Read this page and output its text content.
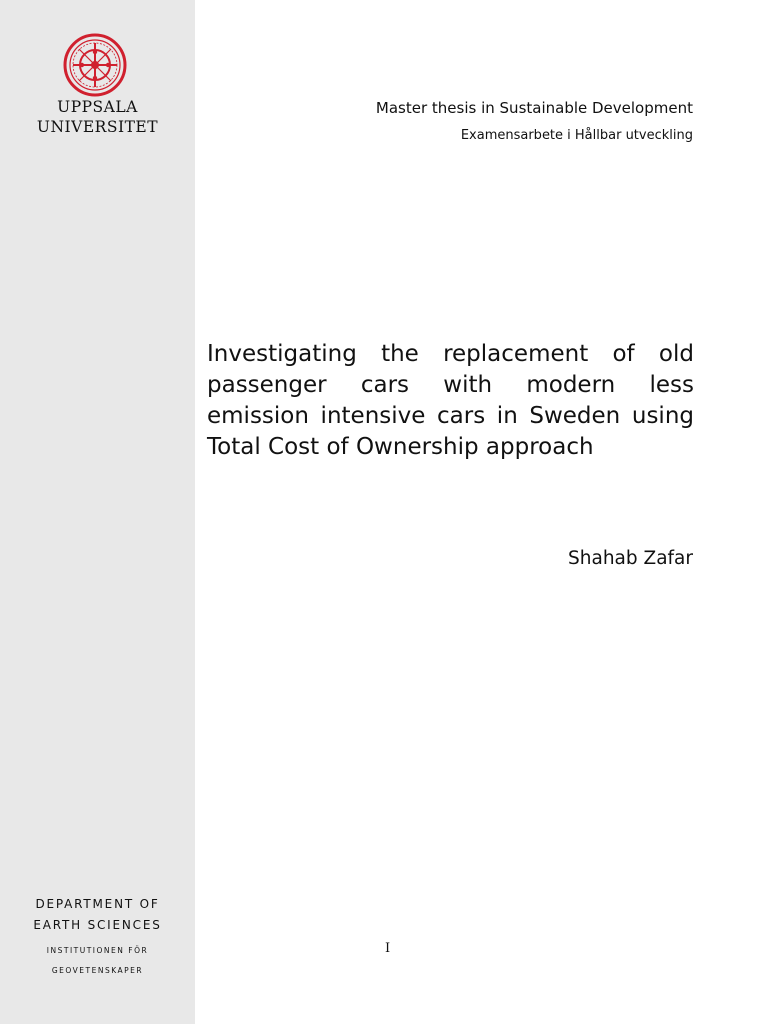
UPPSALA
UNIVERSITET
DEPARTMENT OF
EARTH SCIENCES
INSTITUTIONEN FÖR
GEOVETENSKAPER
Master thesis in Sustainable Development
Examensarbete i Hållbar utveckling
Investigating the replacement of old passenger cars with modern less emission intensive cars in Sweden using Total Cost of Ownership approach
Shahab Zafar
I
